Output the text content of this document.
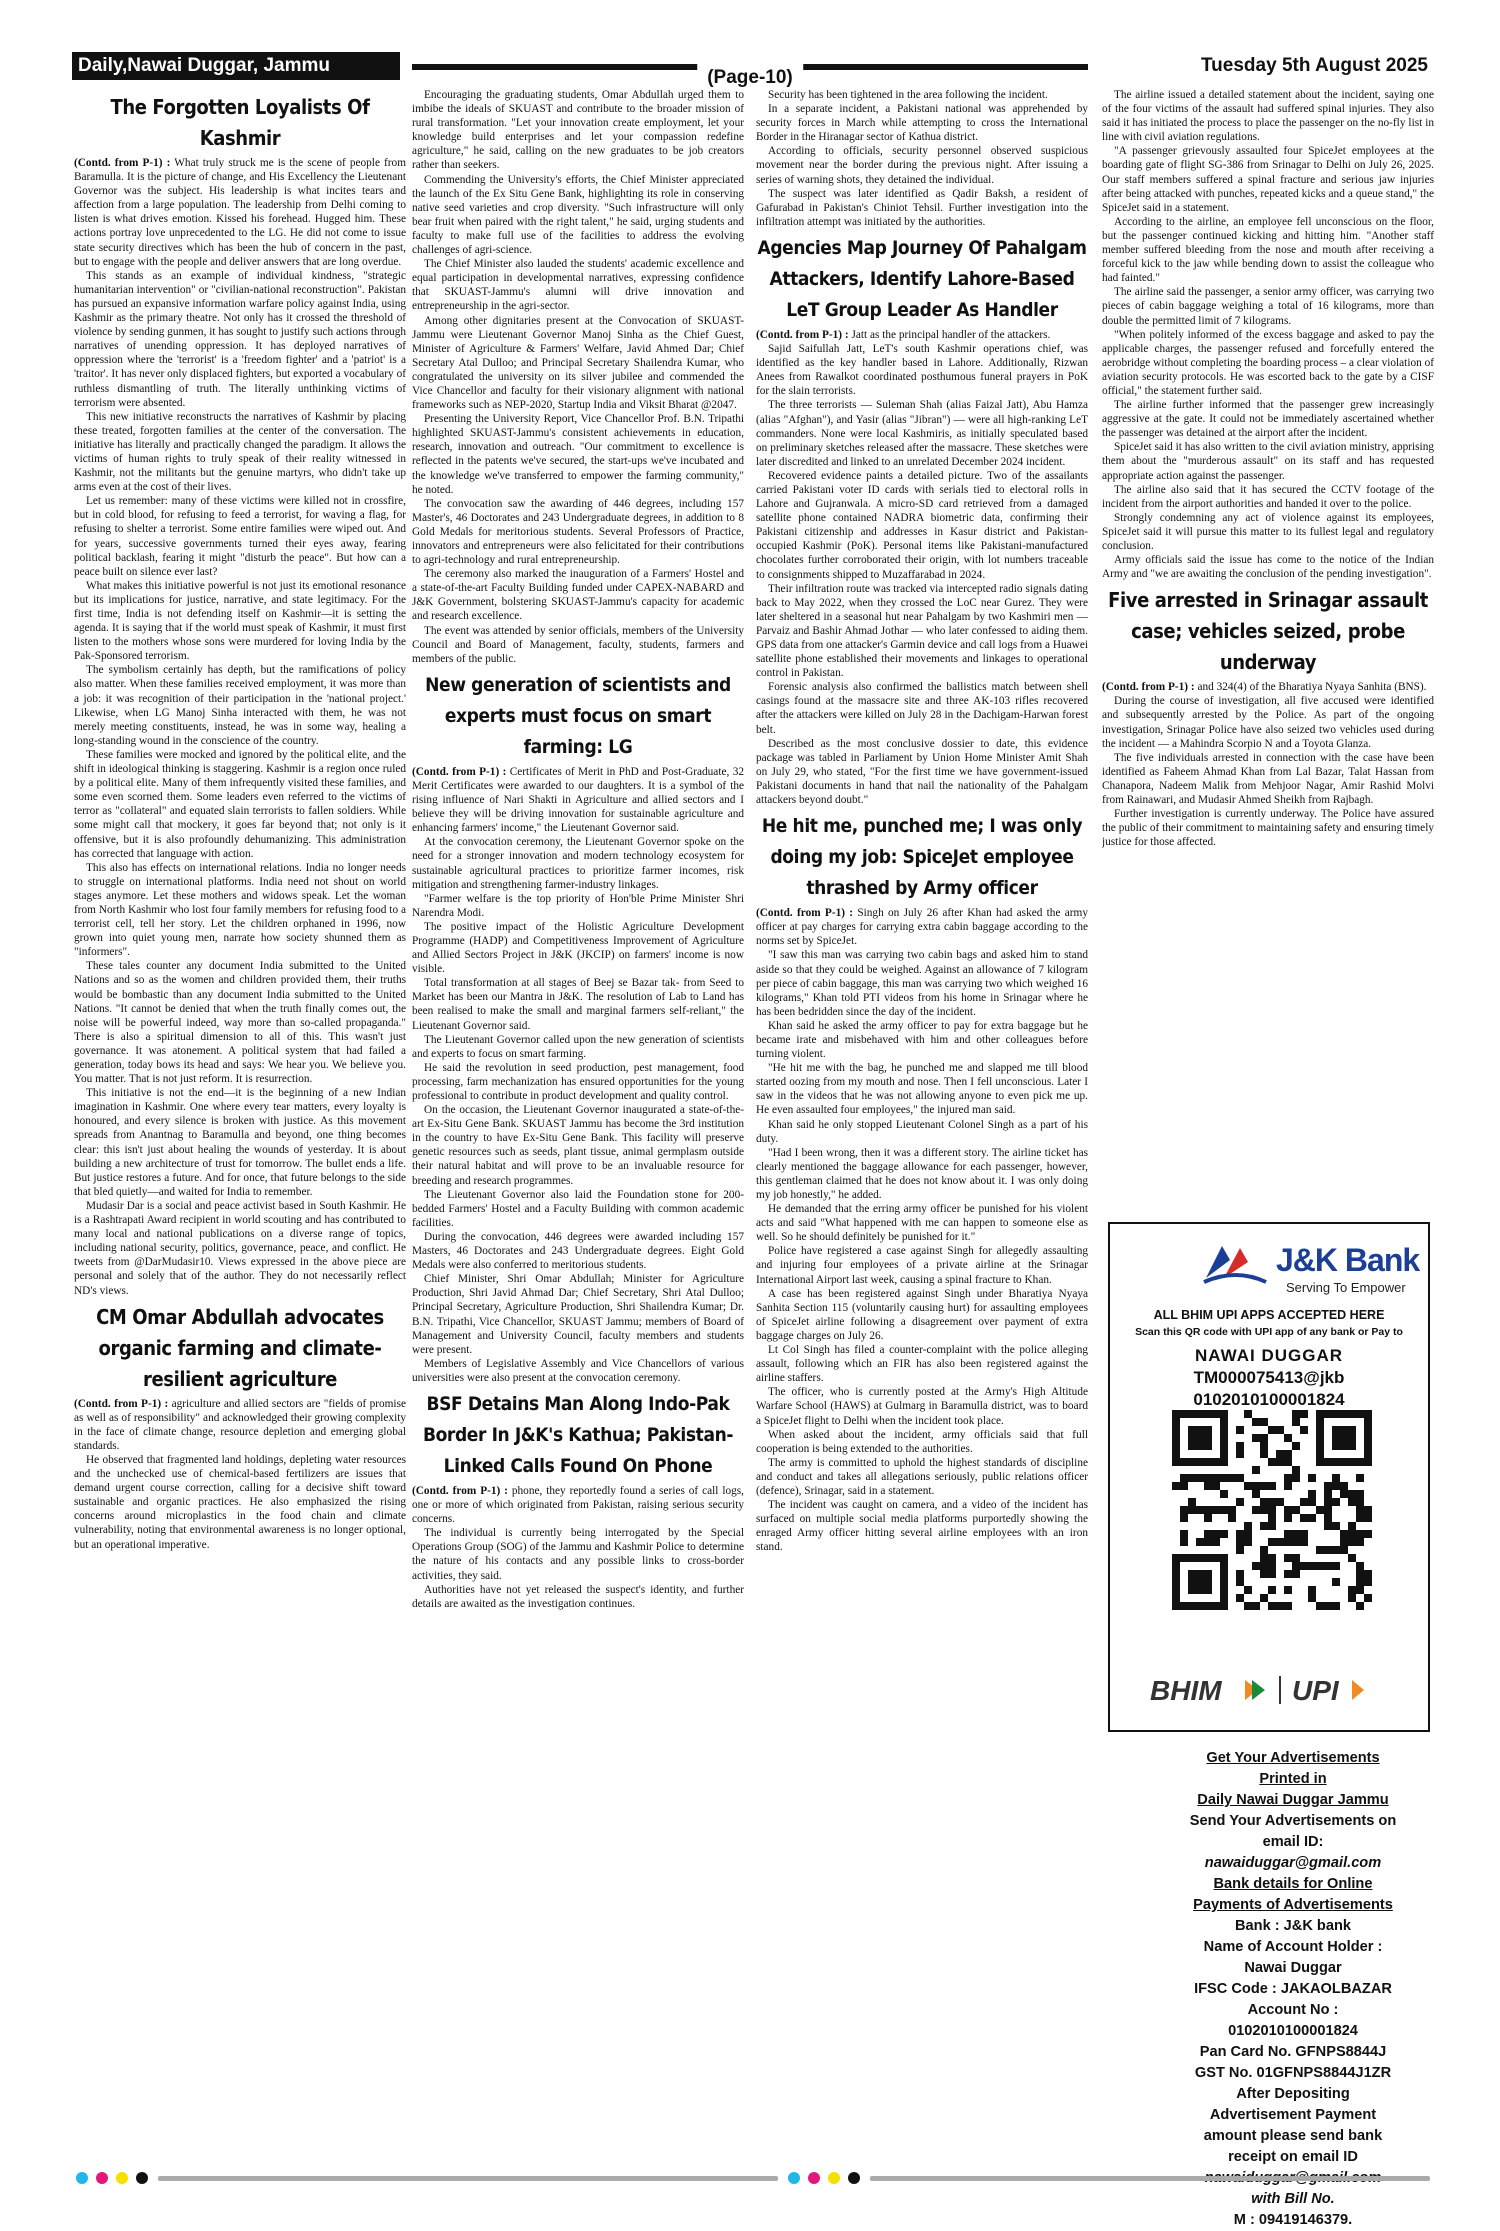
Daily,Nawai Duggar, Jammu
(Page-10)
Tuesday 5th August 2025
The Forgotten Loyalists Of Kashmir

(Contd. from P-1) : What truly struck me is the scene of people from Baramulla. It is the picture of change, and His Excellency the Lieutenant Governor was the subject. His leadership is what incites tears and affection from a large population. The leadership from Delhi coming to listen is what drives emotion. Kissed his forehead. Hugged him. These actions portray love unprecedented to the LG. He did not come to issue state security directives which has been the hub of concern in the past, but to engage with the people and deliver answers that are long overdue.

This stands as an example of individual kindness, "strategic humanitarian intervention" or "civilian-national reconstruction". Pakistan has pursued an expansive information warfare policy against India, using Kashmir as the primary theatre. Not only has it crossed the threshold of violence by sending gunmen, it has sought to justify such actions through narratives of unending oppression. It has deployed narratives of oppression where the 'terrorist' is a 'freedom fighter' and a 'patriot' is a 'traitor'. It has never only displaced fighters, but exported a vocabulary of ruthless dismantling of truth. The literally unthinking victims of terrorism were absented.

This new initiative reconstructs the narratives of Kashmir by placing these treated, forgotten families at the center of the conversation. The initiative has literally and practically changed the paradigm. It allows the victims of human rights to truly speak of their reality witnessed in Kashmir, not the militants but the genuine martyrs, who didn't take up arms even at the cost of their lives.

Let us remember: many of these victims were killed not in crossfire, but in cold blood, for refusing to feed a terrorist, for waving a flag, for refusing to shelter a terrorist. Some entire families were wiped out. And for years, successive governments turned their eyes away, fearing political backlash, fearing it might "disturb the peace". But how can a peace built on silence ever last?

What makes this initiative powerful is not just its emotional resonance but its implications for justice, narrative, and state legitimacy. For the first time, India is not defending itself on Kashmir—it is setting the agenda. It is saying that if the world must speak of Kashmir, it must first listen to the mothers whose sons were murdered for loving India by the Pak-Sponsored terrorism.

The symbolism certainly has depth, but the ramifications of policy also matter. When these families received employment, it was more than a job: it was recognition of their participation in the 'national project.' Likewise, when LG Manoj Sinha interacted with them, he was not merely meeting constituents, instead, he was in some way, healing a long-standing wound in the conscience of the country.

These families were mocked and ignored by the political elite, and the shift in ideological thinking is staggering. Kashmir is a region once ruled by a political elite. Many of them infrequently visited these families, and some even scorned them. Some leaders even referred to the victims of terror as "collateral" and equated slain terrorists to fallen soldiers. While some might call that mockery, it goes far beyond that; not only is it offensive, but it is also profoundly dehumanizing. This administration has corrected that language with action.

This also has effects on international relations. India no longer needs to struggle on international platforms. India need not shout on world stages anymore. Let these mothers and widows speak. Let the woman from North Kashmir who lost four family members for refusing food to a terrorist cell, tell her story. Let the children orphaned in 1996, now grown into quiet young men, narrate how society shunned them as "informers".

These tales counter any document India submitted to the United Nations and so as the women and children provided them, their truths would be bombastic than any document India submitted to the United Nations. "It cannot be denied that when the truth finally comes out, the noise will be powerful indeed, way more than so-called propaganda." There is also a spiritual dimension to all of this. This wasn't just governance. It was atonement. A political system that had failed a generation, today bows its head and says: We hear you. We believe you. You matter. That is not just reform. It is resurrection.

This initiative is not the end—it is the beginning of a new Indian imagination in Kashmir. One where every tear matters, every loyalty is honoured, and every silence is broken with justice. As this movement spreads from Anantnag to Baramulla and beyond, one thing becomes clear: this isn't just about healing the wounds of yesterday. It is about building a new architecture of trust for tomorrow. The bullet ends a life. But justice restores a future. And for once, that future belongs to the side that bled quietly—and waited for India to remember.

Mudasir Dar is a social and peace activist based in South Kashmir. He is a Rashtrapati Award recipient in world scouting and has contributed to many local and national publications on a diverse range of topics, including national security, politics, governance, peace, and conflict. He tweets from @DarMudasir10. Views expressed in the above piece are personal and solely that of the author. They do not necessarily reflect ND's views.

CM Omar Abdullah advocates organic farming and climate-resilient agriculture

(Contd. from P-1) : agriculture and allied sectors are "fields of promise as well as of responsibility" and acknowledged their growing complexity in the face of climate change, resource depletion and emerging global standards.

He observed that fragmented land holdings, depleting water resources and the unchecked use of chemical-based fertilizers are issues that demand urgent course correction, calling for a decisive shift toward sustainable and organic practices. He also emphasized the rising concerns around microplastics in the food chain and climate vulnerability, noting that environmental awareness is no longer optional, but an operational imperative.

Encouraging the graduating students, Omar Abdullah urged them to imbibe the ideals of SKUAST and contribute to the broader mission of rural transformation. "Let your innovation create employment, let your knowledge build enterprises and let your compassion redefine agriculture," he said, calling on the new graduates to be job creators rather than seekers.

Commending the University's efforts, the Chief Minister appreciated the launch of the Ex Situ Gene Bank, highlighting its role in conserving native seed varieties and crop diversity. "Such infrastructure will only bear fruit when paired with the right talent," he said, urging students and faculty to make full use of the facilities to address the evolving challenges of agri-science.

The Chief Minister also lauded the students' academic excellence and equal participation in developmental narratives, expressing confidence that SKUAST-Jammu's alumni will drive innovation and entrepreneurship in the agri-sector.

Among other dignitaries present at the Convocation of SKUAST-Jammu were Lieutenant Governor Manoj Sinha as the Chief Guest, Minister of Agriculture & Farmers' Welfare, Javid Ahmed Dar; Chief Secretary Atal Dulloo; and Principal Secretary Shailendra Kumar, who congratulated the university on its silver jubilee and commended the Vice Chancellor and faculty for their visionary alignment with national frameworks such as NEP-2020, Startup India and Viksit Bharat @2047.

Presenting the University Report, Vice Chancellor Prof. B.N. Tripathi highlighted SKUAST-Jammu's consistent achievements in education, research, innovation and outreach. "Our commitment to excellence is reflected in the patents we've secured, the start-ups we've incubated and the knowledge we've transferred to empower the farming community," he noted.

The convocation saw the awarding of 446 degrees, including 157 Master's, 46 Doctorates and 243 Undergraduate degrees, in addition to 8 Gold Medals for meritorious students. Several Professors of Practice, innovators and entrepreneurs were also felicitated for their contributions to agri-technology and rural entrepreneurship.

The ceremony also marked the inauguration of a Farmers' Hostel and a state-of-the-art Faculty Building funded under CAPEX-NABARD and J&K Government, bolstering SKUAST-Jammu's capacity for academic and research excellence.

The event was attended by senior officials, members of the University Council and Board of Management, faculty, students, farmers and members of the public.

New generation of scientists and experts must focus on smart farming: LG

(Contd. from P-1) : Certificates of Merit in PhD and Post-Graduate, 32 Merit Certificates were awarded to our daughters. It is a symbol of the rising influence of Nari Shakti in Agriculture and allied sectors and I believe they will be driving innovation for sustainable agriculture and enhancing farmers' income," the Lieutenant Governor said.

At the convocation ceremony, the Lieutenant Governor spoke on the need for a stronger innovation and modern technology ecosystem for sustainable agricultural practices to prioritize farmer incomes, risk mitigation and strengthening farmer-industry linkages.

"Farmer welfare is the top priority of Hon'ble Prime Minister Shri Narendra Modi.

The positive impact of the Holistic Agriculture Development Programme (HADP) and Competitiveness Improvement of Agriculture and Allied Sectors Project in J&K (JKCIP) on farmers' income is now visible.

Total transformation at all stages of Beej se Bazar tak- from Seed to Market has been our Mantra in J&K. The resolution of Lab to Land has been realised to make the small and marginal farmers self-reliant," the Lieutenant Governor said.

The Lieutenant Governor called upon the new generation of scientists and experts to focus on smart farming.

He said the revolution in seed production, pest management, food processing, farm mechanization has ensured opportunities for the young professional to contribute in product development and quality control.

On the occasion, the Lieutenant Governor inaugurated a state-of-the-art Ex-Situ Gene Bank. SKUAST Jammu has become the 3rd institution in the country to have Ex-Situ Gene Bank. This facility will preserve genetic resources such as seeds, plant tissue, animal germplasm outside their natural habitat and will prove to be an invaluable resource for breeding and research programmes.

The Lieutenant Governor also laid the Foundation stone for 200-bedded Farmers' Hostel and a Faculty Building with common academic facilities.

During the convocation, 446 degrees were awarded including 157 Masters, 46 Doctorates and 243 Undergraduate degrees. Eight Gold Medals were also conferred to meritorious students.

Chief Minister, Shri Omar Abdullah; Minister for Agriculture Production, Shri Javid Ahmad Dar; Chief Secretary, Shri Atal Dulloo; Principal Secretary, Agriculture Production, Shri Shailendra Kumar; Dr. B.N. Tripathi, Vice Chancellor, SKUAST Jammu; members of Board of Management and University Council, faculty members and students were present.

Members of Legislative Assembly and Vice Chancellors of various universities were also present at the convocation ceremony.

BSF Detains Man Along Indo-Pak Border In J&K's Kathua; Pakistan-Linked Calls Found On Phone

(Contd. from P-1) : phone, they reportedly found a series of call logs, one or more of which originated from Pakistan, raising serious security concerns.

The individual is currently being interrogated by the Special Operations Group (SOG) of the Jammu and Kashmir Police to determine the nature of his contacts and any possible links to cross-border activities, they said.

Authorities have not yet released the suspect's identity, and further details are awaited as the investigation continues.

Security has been tightened in the area following the incident.

In a separate incident, a Pakistani national was apprehended by security forces in March while attempting to cross the International Border in the Hiranagar sector of Kathua district.

According to officials, security personnel observed suspicious movement near the border during the previous night. After issuing a series of warning shots, they detained the individual.

The suspect was later identified as Qadir Baksh, a resident of Gafurabad in Pakistan's Chiniot Tehsil. Further investigation into the infiltration attempt was initiated by the authorities.

Agencies Map Journey Of Pahalgam Attackers, Identify Lahore-Based LeT Group Leader As Handler

(Contd. from P-1) : Jatt as the principal handler of the attackers.

Sajid Saifullah Jatt, LeT's south Kashmir operations chief, was identified as the key handler based in Lahore. Additionally, Rizwan Anees from Rawalkot coordinated posthumous funeral prayers in PoK for the slain terrorists.

The three terrorists — Suleman Shah (alias Faizal Jatt), Abu Hamza (alias "Afghan"), and Yasir (alias "Jibran") — were all high-ranking LeT commanders. None were local Kashmiris, as initially speculated based on preliminary sketches released after the massacre. These sketches were later discredited and linked to an unrelated December 2024 incident.

Recovered evidence paints a detailed picture. Two of the assailants carried Pakistani voter ID cards with serials tied to electoral rolls in Lahore and Gujranwala. A micro-SD card retrieved from a damaged satellite phone contained NADRA biometric data, confirming their Pakistani citizenship and addresses in Kasur district and Pakistan-occupied Kashmir (PoK). Personal items like Pakistani-manufactured chocolates further corroborated their origin, with lot numbers traceable to consignments shipped to Muzaffarabad in 2024.

Their infiltration route was tracked via intercepted radio signals dating back to May 2022, when they crossed the LoC near Gurez. They were later sheltered in a seasonal hut near Pahalgam by two Kashmiri men — Parvaiz and Bashir Ahmad Jothar — who later confessed to aiding them. GPS data from one attacker's Garmin device and call logs from a Huawei satellite phone established their movements and linkages to operational control in Pakistan.

Forensic analysis also confirmed the ballistics match between shell casings found at the massacre site and three AK-103 rifles recovered after the attackers were killed on July 28 in the Dachigam-Harwan forest belt.

Described as the most conclusive dossier to date, this evidence package was tabled in Parliament by Union Home Minister Amit Shah on July 29, who stated, "For the first time we have government-issued Pakistani documents in hand that nail the nationality of the Pahalgam attackers beyond doubt."

He hit me, punched me; I was only doing my job: SpiceJet employee thrashed by Army officer

(Contd. from P-1) : Singh on July 26 after Khan had asked the army officer at pay charges for carrying extra cabin baggage according to the norms set by SpiceJet.

"I saw this man was carrying two cabin bags and asked him to stand aside so that they could be weighed. Against an allowance of 7 kilogram per piece of cabin baggage, this man was carrying two which weighed 16 kilograms," Khan told PTI videos from his home in Srinagar where he has been bedridden since the day of the incident.

Khan said he asked the army officer to pay for extra baggage but he became irate and misbehaved with him and other colleagues before turning violent.

"He hit me with the bag, he punched me and slapped me till blood started oozing from my mouth and nose. Then I fell unconscious. Later I saw in the videos that he was not allowing anyone to even pick me up. He even assaulted four employees," the injured man said.

Khan said he only stopped Lieutenant Colonel Singh as a part of his duty.

"Had I been wrong, then it was a different story. The airline ticket has clearly mentioned the baggage allowance for each passenger, however, this gentleman claimed that he does not know about it. I was only doing my job honestly," he added.

He demanded that the erring army officer be punished for his violent acts and said "What happened with me can happen to someone else as well. So he should definitely be punished for it."

Police have registered a case against Singh for allegedly assaulting and injuring four employees of a private airline at the Srinagar International Airport last week, causing a spinal fracture to Khan.

A case has been registered against Singh under Bharatiya Nyaya Sanhita Section 115 (voluntarily causing hurt) for assaulting employees of SpiceJet airline following a disagreement over payment of extra baggage charges on July 26.

Lt Col Singh has filed a counter-complaint with the police alleging assault, following which an FIR has also been registered against the airline staffers.

The officer, who is currently posted at the Army's High Altitude Warfare School (HAWS) at Gulmarg in Baramulla district, was to board a SpiceJet flight to Delhi when the incident took place.

When asked about the incident, army officials said that full cooperation is being extended to the authorities.

The army is committed to uphold the highest standards of discipline and conduct and takes all allegations seriously, public relations officer (defence), Srinagar, said in a statement.

The incident was caught on camera, and a video of the incident has surfaced on multiple social media platforms purportedly showing the enraged Army officer hitting several airline employees with an iron stand.

The airline issued a detailed statement about the incident, saying one of the four victims of the assault had suffered spinal injuries. They also said it has initiated the process to place the passenger on the no-fly list in line with civil aviation regulations.

"A passenger grievously assaulted four SpiceJet employees at the boarding gate of flight SG-386 from Srinagar to Delhi on July 26, 2025. Our staff members suffered a spinal fracture and serious jaw injuries after being attacked with punches, repeated kicks and a queue stand," the SpiceJet said in a statement.

According to the airline, an employee fell unconscious on the floor, but the passenger continued kicking and hitting him. "Another staff member suffered bleeding from the nose and mouth after receiving a forceful kick to the jaw while bending down to assist the colleague who had fainted."

The airline said the passenger, a senior army officer, was carrying two pieces of cabin baggage weighing a total of 16 kilograms, more than double the permitted limit of 7 kilograms.

"When politely informed of the excess baggage and asked to pay the applicable charges, the passenger refused and forcefully entered the aerobridge without completing the boarding process – a clear violation of aviation security protocols. He was escorted back to the gate by a CISF official," the statement further said.

The airline further informed that the passenger grew increasingly aggressive at the gate. It could not be immediately ascertained whether the passenger was detained at the airport after the incident.

SpiceJet said it has also written to the civil aviation ministry, apprising them about the "murderous assault" on its staff and has requested appropriate action against the passenger.

The airline also said that it has secured the CCTV footage of the incident from the airport authorities and handed it over to the police.

Strongly condemning any act of violence against its employees, SpiceJet said it will pursue this matter to its fullest legal and regulatory conclusion.

Army officials said the issue has come to the notice of the Indian Army and "we are awaiting the conclusion of the pending investigation".

Five arrested in Srinagar assault case; vehicles seized, probe underway

(Contd. from P-1) : and 324(4) of the Bharatiya Nyaya Sanhita (BNS).

During the course of investigation, all five accused were identified and subsequently arrested by the Police. As part of the ongoing investigation, Srinagar Police have also seized two vehicles used during the incident — a Mahindra Scorpio N and a Toyota Glanza.

The five individuals arrested in connection with the case have been identified as Faheem Ahmad Khan from Lal Bazar, Talat Hassan from Chanapora, Nadeem Malik from Mehjoor Nagar, Amir Rashid Molvi from Rainawari, and Mudasir Ahmed Sheikh from Rajbagh.

Further investigation is currently underway. The Police have assured the public of their commitment to maintaining safety and ensuring timely justice for those affected.

J&K Bank
Serving To Empower
ALL BHIM UPI APPS ACCEPTED HERE
Scan this QR code with UPI app of any bank or Pay to
NAWAI DUGGAR
TM000075413@jkb
0102010100001824
BHIM	UPI
Get Your Advertisements
Printed in
Daily Nawai Duggar Jammu
Send Your Advertisements on
email ID:
nawaiduggar@gmail.com
Bank details for Online
Payments of Advertisements
Bank : J&K bank
Name of Account Holder :
Nawai Duggar
IFSC Code : JAKAOLBAZAR
Account No :
0102010100001824
Pan Card No. GFNPS8844J
GST No. 01GFNPS8844J1ZR
After Depositing
Advertisement Payment
amount please send bank
receipt on email ID
with Bill No.
M : 09419146379.
